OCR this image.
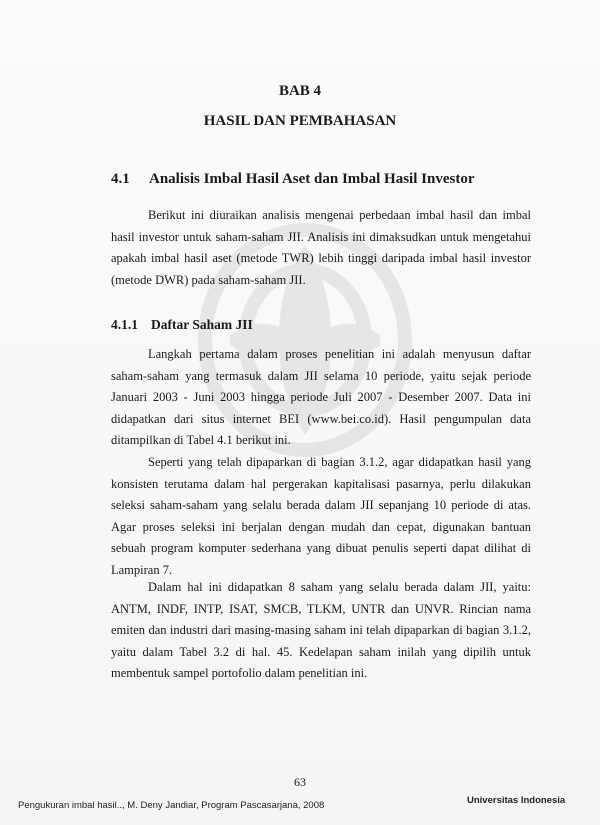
BAB 4
HASIL DAN PEMBAHASAN
4.1 Analisis Imbal Hasil Aset dan Imbal Hasil Investor

Berikut ini diuraikan analisis mengenai perbedaan imbal hasil dan imbal hasil investor untuk saham-saham JII. Analisis ini dimaksudkan untuk mengetahui apakah imbal hasil aset (metode TWR) lebih tinggi daripada imbal hasil investor (metode DWR) pada saham-saham JII.

4.1.1 Daftar Saham JII

Langkah pertama dalam proses penelitian ini adalah menyusun daftar saham-saham yang termasuk dalam JII selama 10 periode, yaitu sejak periode Januari 2003 - Juni 2003 hingga periode Juli 2007 - Desember 2007. Data ini didapatkan dari situs internet BEI (www.bei.co.id). Hasil pengumpulan data ditampilkan di Tabel 4.1 berikut ini.

Seperti yang telah dipaparkan di bagian 3.1.2, agar didapatkan hasil yang konsisten terutama dalam hal pergerakan kapitalisasi pasarnya, perlu dilakukan seleksi saham-saham yang selalu berada dalam JII sepanjang 10 periode di atas. Agar proses seleksi ini berjalan dengan mudah dan cepat, digunakan bantuan sebuah program komputer sederhana yang dibuat penulis seperti dapat dilihat di Lampiran 7.

Dalam hal ini didapatkan 8 saham yang selalu berada dalam JII, yaitu: ANTM, INDF, INTP, ISAT, SMCB, TLKM, UNTR dan UNVR. Rincian nama emiten dan industri dari masing-masing saham ini telah dipaparkan di bagian 3.1.2, yaitu dalam Tabel 3.2 di hal. 45. Kedelapan saham inilah yang dipilih untuk membentuk sampel portofolio dalam penelitian ini.

63
Pengukuran imbal hasil.., M. Deny Jandiar, Program Pascasarjana, 2008	Universitas Indonesia
